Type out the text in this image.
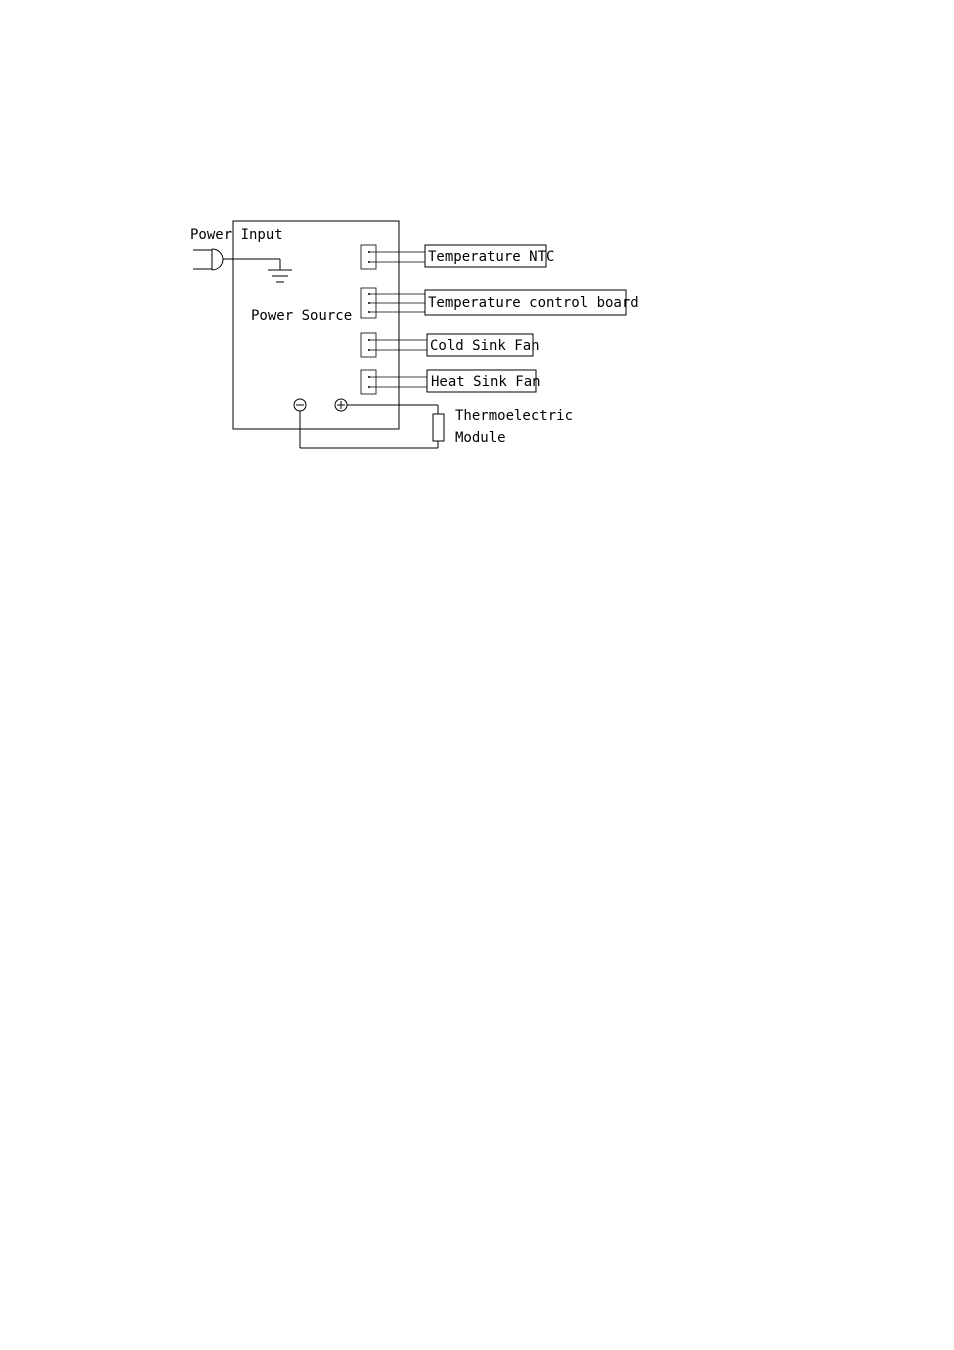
Power Input
Power Source
Temperature NTC
Temperature control board
Cold Sink Fan
Heat Sink Fan
Thermoelectric
Module
